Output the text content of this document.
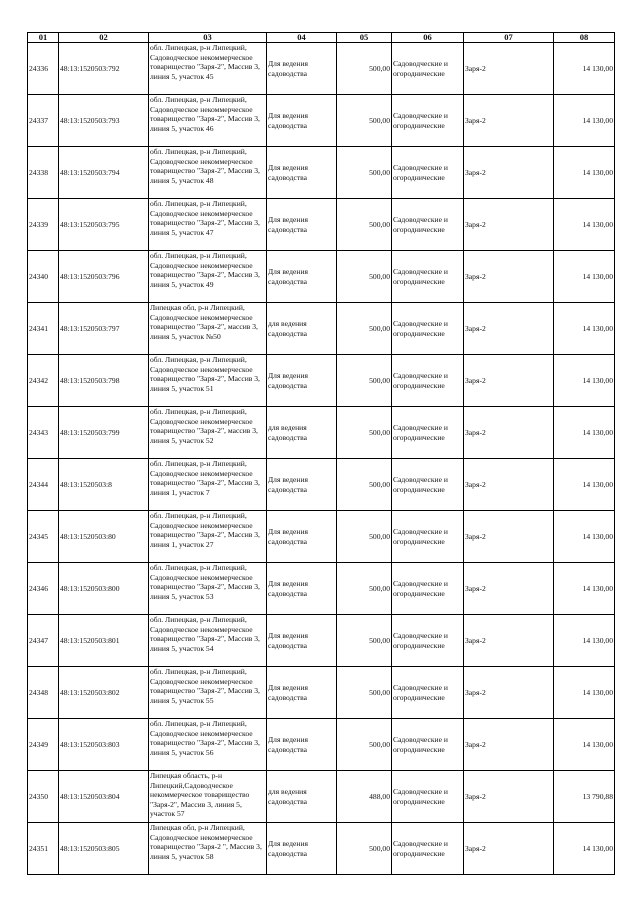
01	02	03	04	05	06	07	08
24336	48:13:1520503:792	обл. Липецкая, р-н Липецкий, Садоводческое некоммерческое товарищество "Заря-2", Массив 3, линия 5, участок 45	Для ведения садоводства	500,00	Садоводческие и огороднические	Заря-2	14 130,00
24337	48:13:1520503:793	обл. Липецкая, р-н Липецкий, Садоводческое некоммерческое товарищество "Заря-2", Массив 3, линия 5, участок 46	Для ведения садоводства	500,00	Садоводческие и огороднические	Заря-2	14 130,00
24338	48:13:1520503:794	обл. Липецкая, р-н Липецкий, Садоводческое некоммерческое товарищество "Заря-2", Массив 3, линия 5, участок 48	Для ведения садоводства	500,00	Садоводческие и огороднические	Заря-2	14 130,00
24339	48:13:1520503:795	обл. Липецкая, р-н Липецкий, Садоводческое некоммерческое товарищество "Заря-2", Массив 3, линия 5, участок 47	Для ведения садоводства	500,00	Садоводческие и огороднические	Заря-2	14 130,00
24340	48:13:1520503:796	обл. Липецкая, р-н Липецкий, Садоводческое некоммерческое товарищество "Заря-2", Массив 3, линия 5, участок 49	Для ведения садоводства	500,00	Садоводческие и огороднические	Заря-2	14 130,00
24341	48:13:1520503:797	Липецкая обл, р-н Липецкий, Садоводческое некоммерческое товарищество "Заря-2", массив 3, линия 5, участок №50	для ведения садоводства	500,00	Садоводческие и огороднические	Заря-2	14 130,00
24342	48:13:1520503:798	обл. Липецкая, р-н Липецкий, Садоводческое некоммерческое товарищество "Заря-2", Массив 3, линия 5, участок 51	Для ведения садоводства	500,00	Садоводческие и огороднические	Заря-2	14 130,00
24343	48:13:1520503:799	обл. Липецкая, р-н Липецкий, Садоводческое некоммерческое товарищество "Заря-2", массив 3, линия 5, участок 52	для ведения садоводства	500,00	Садоводческие и огороднические	Заря-2	14 130,00
24344	48:13:1520503:8	обл. Липецкая, р-н Липецкий, Садоводческое некоммерческое товарищество "Заря-2", Массив 3, линия 1, участок 7	Для ведения садоводства	500,00	Садоводческие и огороднические	Заря-2	14 130,00
24345	48:13:1520503:80	обл. Липецкая, р-н Липецкий, Садоводческое некоммерческое товарищество "Заря-2", Массив 3, линия 1, участок 27	Для ведения садоводства	500,00	Садоводческие и огороднические	Заря-2	14 130,00
24346	48:13:1520503:800	обл. Липецкая, р-н Липецкий, Садоводческое некоммерческое товарищество "Заря-2", Массив 3, линия 5, участок 53	Для ведения садоводства	500,00	Садоводческие и огороднические	Заря-2	14 130,00
24347	48:13:1520503:801	обл. Липецкая, р-н Липецкий, Садоводческое некоммерческое товарищество "Заря-2", Массив 3, линия 5, участок 54	Для ведения садоводства	500,00	Садоводческие и огороднические	Заря-2	14 130,00
24348	48:13:1520503:802	обл. Липецкая, р-н Липецкий, Садоводческое некоммерческое товарищество "Заря-2", Массив 3, линия 5, участок 55	Для ведения садоводства	500,00	Садоводческие и огороднические	Заря-2	14 130,00
24349	48:13:1520503:803	обл. Липецкая, р-н Липецкий, Садоводческое некоммерческое товарищество "Заря-2", Массив 3, линия 5, участок 56	Для ведения садоводства	500,00	Садоводческие и огороднические	Заря-2	14 130,00
24350	48:13:1520503:804	Липецкая область, р-н Липецкий,Садоводческое некоммерческое товарищество "Заря-2", Массив 3, линия 5, участок 57	для ведения садоводства	488,00	Садоводческие и огороднические	Заря-2	13 790,88
24351	48:13:1520503:805	Липецкая обл, р-н Липецкий, Садоводческое некоммерческое товарищество "Заря-2 ", Массив 3, линия 5, участок 58	Для ведения садоводства	500,00	Садоводческие и огороднические	Заря-2	14 130,00
